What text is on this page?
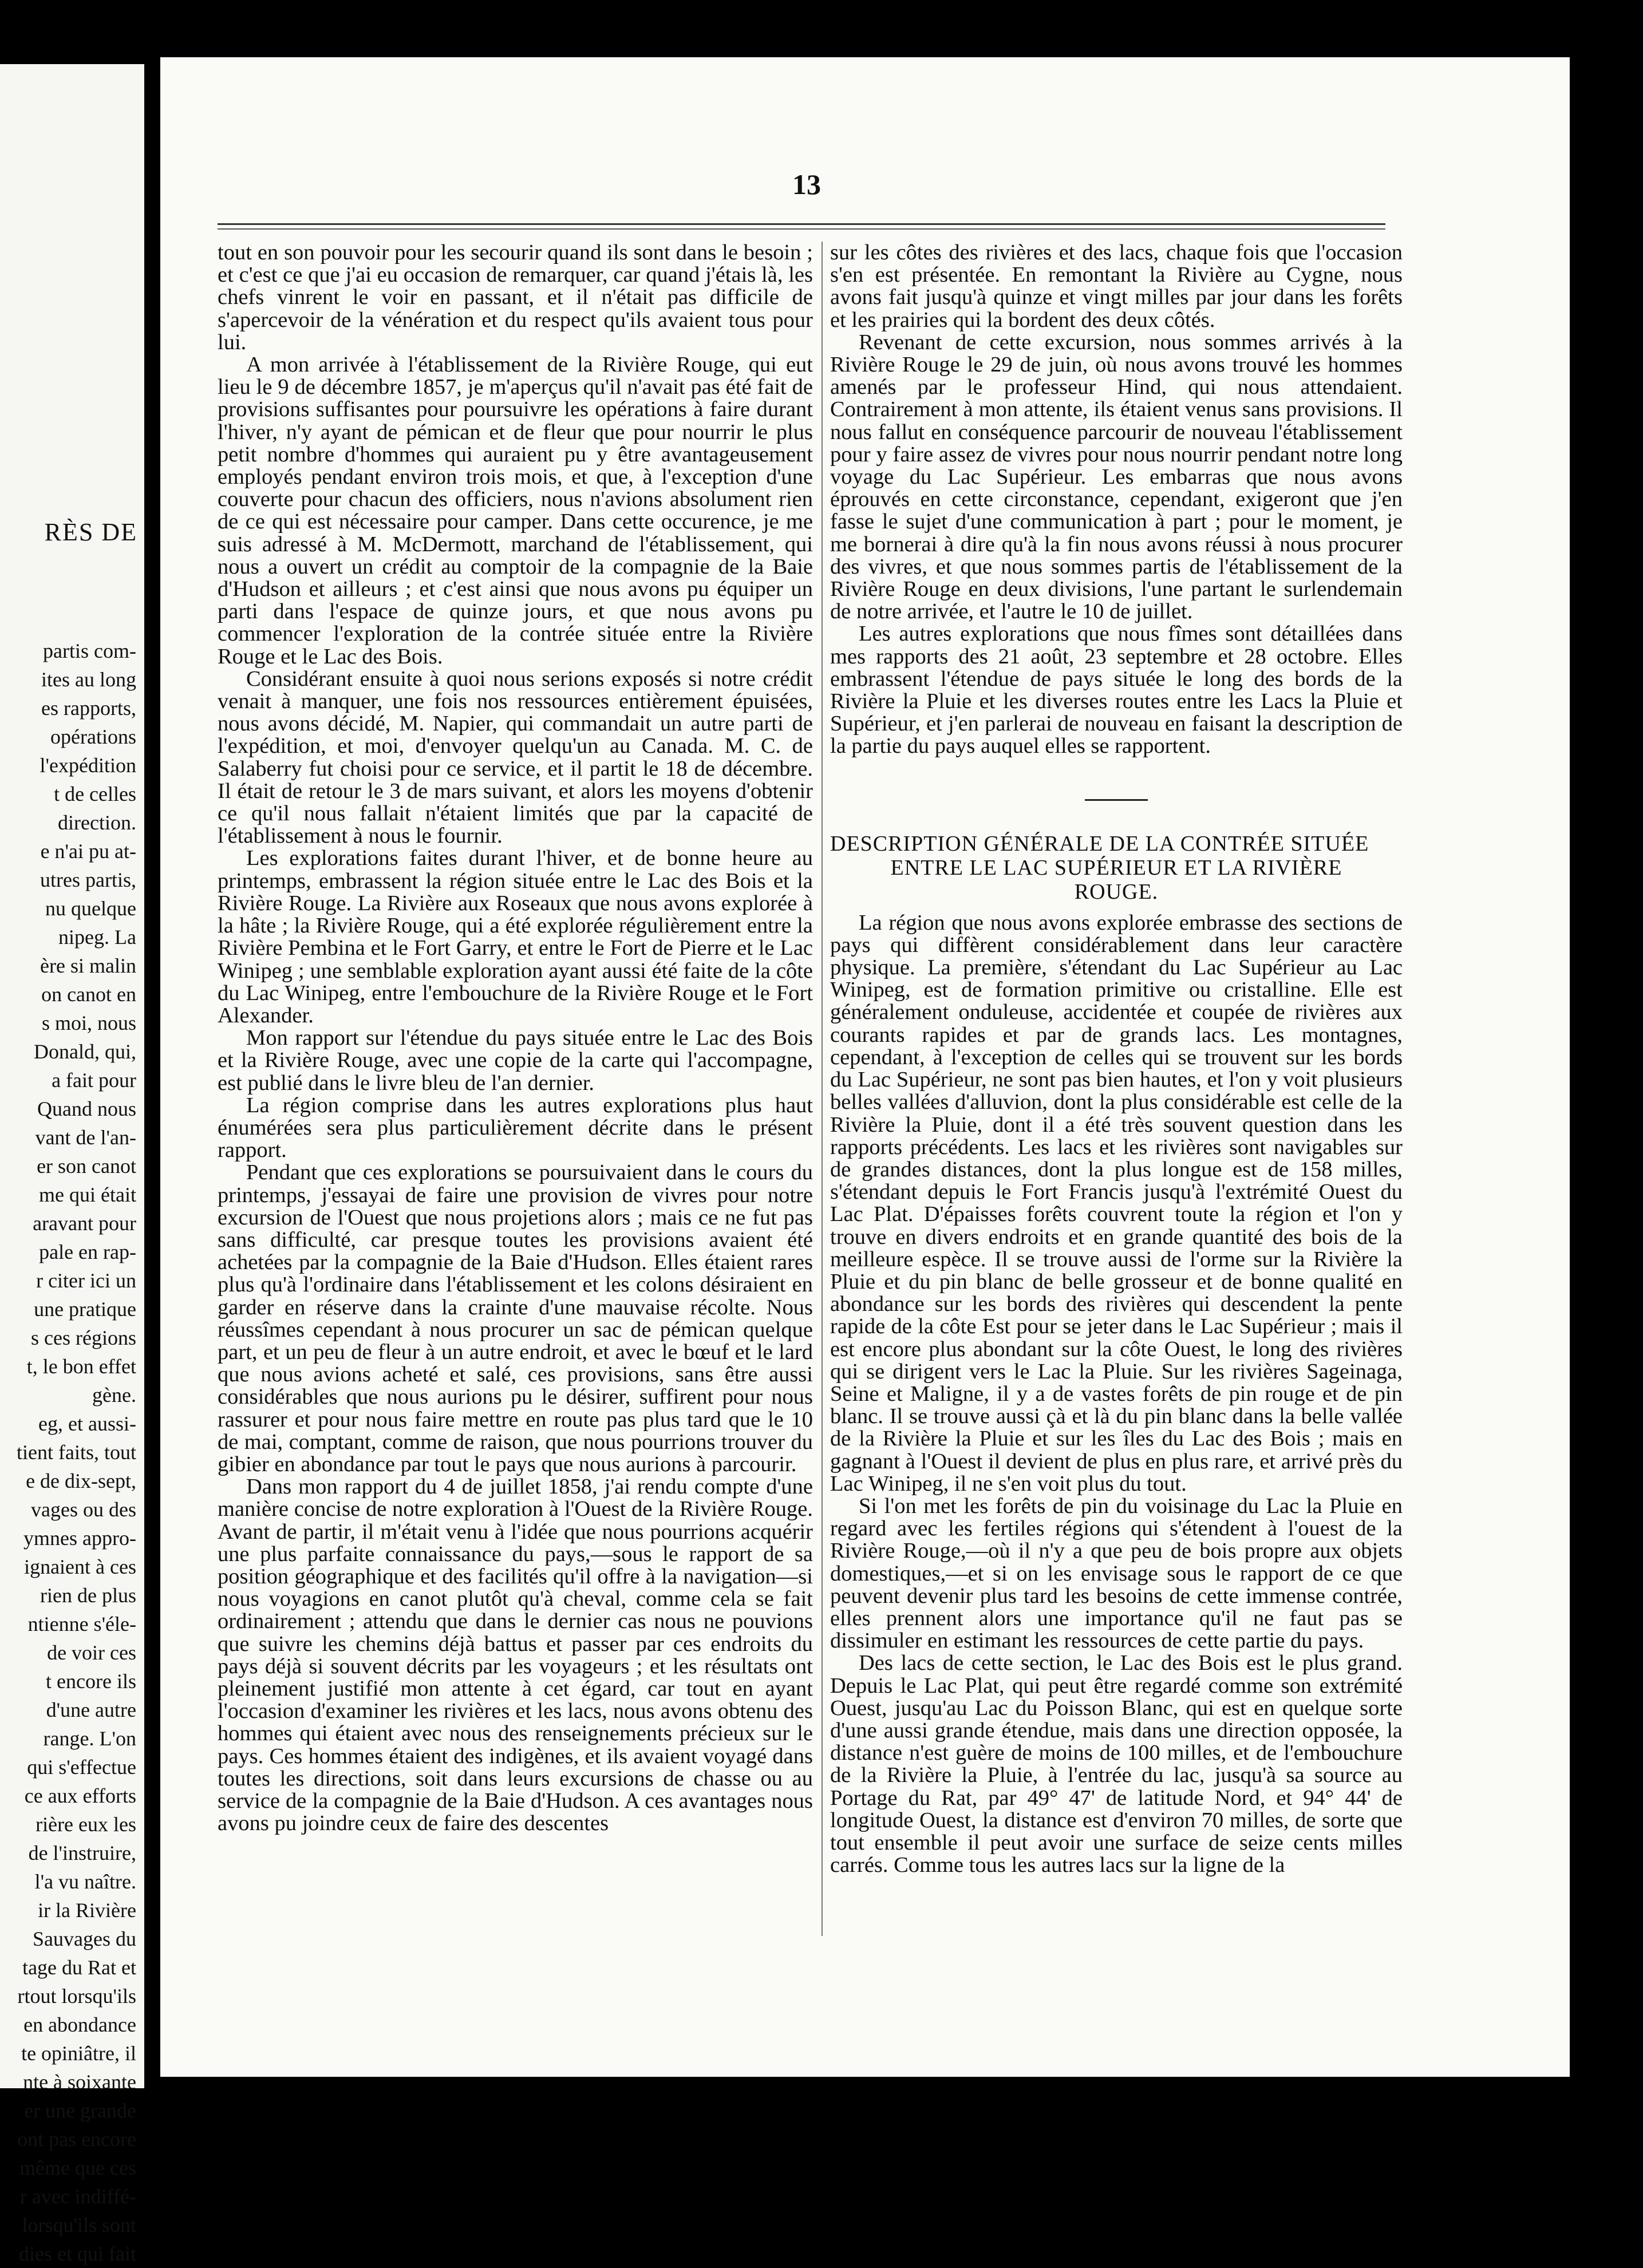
RÈS DE
partis com-
ites au long
es rapports,
opérations
l'expédition
t de celles
direction.
e n'ai pu at-
utres partis,
nu quelque
nipeg. La
ère si malin
on canot en
s moi, nous
Donald, qui,
a fait pour
Quand nous
vant de l'an-
er son canot
me qui était
aravant pour
pale en rap-
r citer ici un
une pratique
s ces régions
t, le bon effet
gène.
eg, et aussi-
tient faits, tout
e de dix-sept,
vages ou des
ymnes appro-
ignaient à ces
rien de plus
ntienne s'éle-
de voir ces
t encore ils
d'une autre
range. L'on
qui s'effectue
ce aux efforts
rière eux les
de l'instruire,
l'a vu naître.
ir la Rivière
Sauvages du
tage du Rat et
rtout lorsqu'ils
en abondance
te opiniâtre, il
nte à soixante
er une grande
ont pas encore
même que ces
r avec indiffé-
lorsqu'ils sont
dies et qui fait
13

tout en son pouvoir pour les secourir quand ils sont dans le besoin ; et c'est ce que j'ai eu occasion de remarquer, car quand j'étais là, les chefs vinrent le voir en passant, et il n'était pas difficile de s'apercevoir de la vénération et du respect qu'ils avaient tous pour lui.

A mon arrivée à l'établissement de la Rivière Rouge, qui eut lieu le 9 de décembre 1857, je m'aperçus qu'il n'avait pas été fait de provisions suffisantes pour poursuivre les opérations à faire durant l'hiver, n'y ayant de pémican et de fleur que pour nourrir le plus petit nombre d'hommes qui auraient pu y être avantageusement employés pendant environ trois mois, et que, à l'exception d'une couverte pour chacun des officiers, nous n'avions absolument rien de ce qui est nécessaire pour camper. Dans cette occurence, je me suis adressé à M. McDermott, marchand de l'établissement, qui nous a ouvert un crédit au comptoir de la compagnie de la Baie d'Hudson et ailleurs ; et c'est ainsi que nous avons pu équiper un parti dans l'espace de quinze jours, et que nous avons pu commencer l'exploration de la contrée située entre la Rivière Rouge et le Lac des Bois.

Considérant ensuite à quoi nous serions exposés si notre crédit venait à manquer, une fois nos ressources entièrement épuisées, nous avons décidé, M. Napier, qui commandait un autre parti de l'expédition, et moi, d'envoyer quelqu'un au Canada. M. C. de Salaberry fut choisi pour ce service, et il partit le 18 de décembre. Il était de retour le 3 de mars suivant, et alors les moyens d'obtenir ce qu'il nous fallait n'étaient limités que par la capacité de l'établissement à nous le fournir.

Les explorations faites durant l'hiver, et de bonne heure au printemps, embrassent la région située entre le Lac des Bois et la Rivière Rouge. La Rivière aux Roseaux que nous avons explorée à la hâte ; la Rivière Rouge, qui a été explorée régulièrement entre la Rivière Pembina et le Fort Garry, et entre le Fort de Pierre et le Lac Winipeg ; une semblable exploration ayant aussi été faite de la côte du Lac Winipeg, entre l'embouchure de la Rivière Rouge et le Fort Alexander.

Mon rapport sur l'étendue du pays située entre le Lac des Bois et la Rivière Rouge, avec une copie de la carte qui l'accompagne, est publié dans le livre bleu de l'an dernier.

La région comprise dans les autres explorations plus haut énumérées sera plus particulièrement décrite dans le présent rapport.

Pendant que ces explorations se poursuivaient dans le cours du printemps, j'essayai de faire une provision de vivres pour notre excursion de l'Ouest que nous projetions alors ; mais ce ne fut pas sans difficulté, car presque toutes les provisions avaient été achetées par la compagnie de la Baie d'Hudson. Elles étaient rares plus qu'à l'ordinaire dans l'établissement et les colons désiraient en garder en réserve dans la crainte d'une mauvaise récolte. Nous réussîmes cependant à nous procurer un sac de pémican quelque part, et un peu de fleur à un autre endroit, et avec le bœuf et le lard que nous avions acheté et salé, ces provisions, sans être aussi considérables que nous aurions pu le désirer, suffirent pour nous rassurer et pour nous faire mettre en route pas plus tard que le 10 de mai, comptant, comme de raison, que nous pourrions trouver du gibier en abondance par tout le pays que nous aurions à parcourir.

Dans mon rapport du 4 de juillet 1858, j'ai rendu compte d'une manière concise de notre exploration à l'Ouest de la Rivière Rouge. Avant de partir, il m'était venu à l'idée que nous pourrions acquérir une plus parfaite connaissance du pays,—sous le rapport de sa position géographique et des facilités qu'il offre à la navigation—si nous voyagions en canot plutôt qu'à cheval, comme cela se fait ordinairement ; attendu que dans le dernier cas nous ne pouvions que suivre les chemins déjà battus et passer par ces endroits du pays déjà si souvent décrits par les voyageurs ; et les résultats ont pleinement justifié mon attente à cet égard, car tout en ayant l'occasion d'examiner les rivières et les lacs, nous avons obtenu des hommes qui étaient avec nous des renseignements précieux sur le pays. Ces hommes étaient des indigènes, et ils avaient voyagé dans toutes les directions, soit dans leurs excursions de chasse ou au service de la compagnie de la Baie d'Hudson. A ces avantages nous avons pu joindre ceux de faire des descentes

sur les côtes des rivières et des lacs, chaque fois que l'occasion s'en est présentée. En remontant la Rivière au Cygne, nous avons fait jusqu'à quinze et vingt milles par jour dans les forêts et les prairies qui la bordent des deux côtés.

Revenant de cette excursion, nous sommes arrivés à la Rivière Rouge le 29 de juin, où nous avons trouvé les hommes amenés par le professeur Hind, qui nous attendaient. Contrairement à mon attente, ils étaient venus sans provisions. Il nous fallut en conséquence parcourir de nouveau l'établissement pour y faire assez de vivres pour nous nourrir pendant notre long voyage du Lac Supérieur. Les embarras que nous avons éprouvés en cette circonstance, cependant, exigeront que j'en fasse le sujet d'une communication à part ; pour le moment, je me bornerai à dire qu'à la fin nous avons réussi à nous procurer des vivres, et que nous sommes partis de l'établissement de la Rivière Rouge en deux divisions, l'une partant le surlendemain de notre arrivée, et l'autre le 10 de juillet.

Les autres explorations que nous fîmes sont détaillées dans mes rapports des 21 août, 23 septembre et 28 octobre. Elles embrassent l'étendue de pays située le long des bords de la Rivière la Pluie et les diverses routes entre les Lacs la Pluie et Supérieur, et j'en parlerai de nouveau en faisant la description de la partie du pays auquel elles se rapportent.

DESCRIPTION GÉNÉRALE DE LA CONTRÉE SITUÉE
ENTRE LE LAC SUPÉRIEUR ET LA RIVIÈRE
ROUGE.

La région que nous avons explorée embrasse des sections de pays qui diffèrent considérablement dans leur caractère physique. La première, s'étendant du Lac Supérieur au Lac Winipeg, est de formation primitive ou cristalline. Elle est généralement onduleuse, accidentée et coupée de rivières aux courants rapides et par de grands lacs. Les montagnes, cependant, à l'exception de celles qui se trouvent sur les bords du Lac Supérieur, ne sont pas bien hautes, et l'on y voit plusieurs belles vallées d'alluvion, dont la plus considérable est celle de la Rivière la Pluie, dont il a été très souvent question dans les rapports précédents. Les lacs et les rivières sont navigables sur de grandes distances, dont la plus longue est de 158 milles, s'étendant depuis le Fort Francis jusqu'à l'extrémité Ouest du Lac Plat. D'épaisses forêts couvrent toute la région et l'on y trouve en divers endroits et en grande quantité des bois de la meilleure espèce. Il se trouve aussi de l'orme sur la Rivière la Pluie et du pin blanc de belle grosseur et de bonne qualité en abondance sur les bords des rivières qui descendent la pente rapide de la côte Est pour se jeter dans le Lac Supérieur ; mais il est encore plus abondant sur la côte Ouest, le long des rivières qui se dirigent vers le Lac la Pluie. Sur les rivières Sageinaga, Seine et Maligne, il y a de vastes forêts de pin rouge et de pin blanc. Il se trouve aussi çà et là du pin blanc dans la belle vallée de la Rivière la Pluie et sur les îles du Lac des Bois ; mais en gagnant à l'Ouest il devient de plus en plus rare, et arrivé près du Lac Winipeg, il ne s'en voit plus du tout.

Si l'on met les forêts de pin du voisinage du Lac la Pluie en regard avec les fertiles régions qui s'étendent à l'ouest de la Rivière Rouge,—où il n'y a que peu de bois propre aux objets domestiques,—et si on les envisage sous le rapport de ce que peuvent devenir plus tard les besoins de cette immense contrée, elles prennent alors une importance qu'il ne faut pas se dissimuler en estimant les ressources de cette partie du pays.

Des lacs de cette section, le Lac des Bois est le plus grand. Depuis le Lac Plat, qui peut être regardé comme son extrémité Ouest, jusqu'au Lac du Poisson Blanc, qui est en quelque sorte d'une aussi grande étendue, mais dans une direction opposée, la distance n'est guère de moins de 100 milles, et de l'embouchure de la Rivière la Pluie, à l'entrée du lac, jusqu'à sa source au Portage du Rat, par 49° 47' de latitude Nord, et 94° 44' de longitude Ouest, la distance est d'environ 70 milles, de sorte que tout ensemble il peut avoir une surface de seize cents milles carrés. Comme tous les autres lacs sur la ligne de la
